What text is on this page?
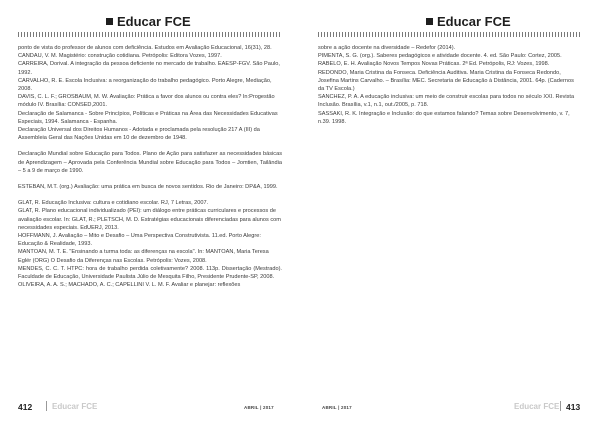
Educar FCE

ponto de vista do professor de alunos com deficiência. Estudos em Avaliação Educacional, 16(31), 28.

CANDAU, V. M. Magistério: construção cotidiana. Petrópolis: Editora Vozes, 1997.

CARREIRA, Dorival. A integração da pessoa deficiente no mercado de trabalho. EAESP-FGV. São Paulo, 1992.

CARVALHO, R. E. Escola Inclusiva: a reorganização do trabalho pedagógico. Porto Alegre, Mediação, 2008.

DAVIS, C. L. F.; GROSBAUM, M. W. Avaliação: Prática a favor dos alunos ou contra eles? In:Progestão módulo IV. Brasília: CONSED,2001.

Declaração de Salamanca - Sobre Princípios, Políticas e Práticas na Área das Necessidades Educativas Especiais, 1994. Salamanca - Espanha.

Declaração Universal dos Direitos Humanos - Adotada e proclamada pela resolução 217 A (III) da Assembleia Geral das Nações Unidas em 10 de dezembro de 1948.

Declaração Mundial sobre Educação para Todos. Plano de Ação para satisfazer as necessidades básicas de Aprendizagem – Aprovada pela Conferência Mundial sobre Educação para Todos – Jomtien, Tailândia – 5 a 9 de março de 1990.

ESTEBAN, M.T. (org.) Avaliação: uma prática em busca de novos sentidos. Rio de Janeiro: DP&A, 1999.

GLAT, R. Educação Inclusiva: cultura e cotidiano escolar. RJ, 7 Letras, 2007.

GLAT, R. Plano educacional individualizado (PEI): um diálogo entre práticas curriculares e processos de avaliação escolar. In: GLAT, R.; PLETSCH, M. D. Estratégias educacionais diferenciadas para alunos com necessidades especiais. EdUERJ, 2013.

HOFFMANN, J. Avaliação – Mito e Desafio – Uma Perspectiva Construtivista. 11.ed. Porto Alegre: Educação & Realidade, 1993.

MANTOAN, M. T. E. "Ensinando a turma toda: as diferenças na escola". In: MANTOAN, Maria Teresa Eglér (ORG) O Desafio da Diferenças nas Escolas. Petrópolis: Vozes, 2008.

MENDES, C. C. T. HTPC: hora de trabalho perdida coletivamente? 2008. 113p. Dissertação (Mestrado). Faculdade de Educação, Universidade Paulista Júlio de Mesquita Filho, Presidente Prudente-SP, 2008.

OLIVEIRA, A. A. S.; MACHADO, A. C.; CAPELLINI V. L. M. F. Avaliar e planejar: reflexões

412 Educar FCE	ABRIL | 2017
Educar FCE

sobre a ação docente na diversidade – Redefor (2014).

PIMENTA, S. G. (org.). Saberes pedagógicos e atividade docente. 4. ed. São Paulo: Cortez, 2005.

RABELO, E. H. Avaliação Novos Tempos Novas Práticas. 2ª Ed. Petrópolis, RJ: Vozes, 1998.

REDONDO, Maria Cristina da Fonseca. Deficiência Auditiva. Maria Cristina da Fonseca Redondo, Josefina Martins Carvalho. – Brasília: MEC. Secretaria de Educação à Distância, 2001. 64p. (Cadernos da TV Escola.)

SANCHEZ, P. A. A educação inclusiva: um meio de construir escolas para todos no século XXI. Revista Inclusão. Brasília, v.1, n.1, out./2005, p. 718.

SASSAKI, R. K. Integração e Inclusão: do que estamos falando? Temas sobre Desenvolvimento, v. 7, n.39. 1998.

ABRIL | 2017	Educar FCE 413
